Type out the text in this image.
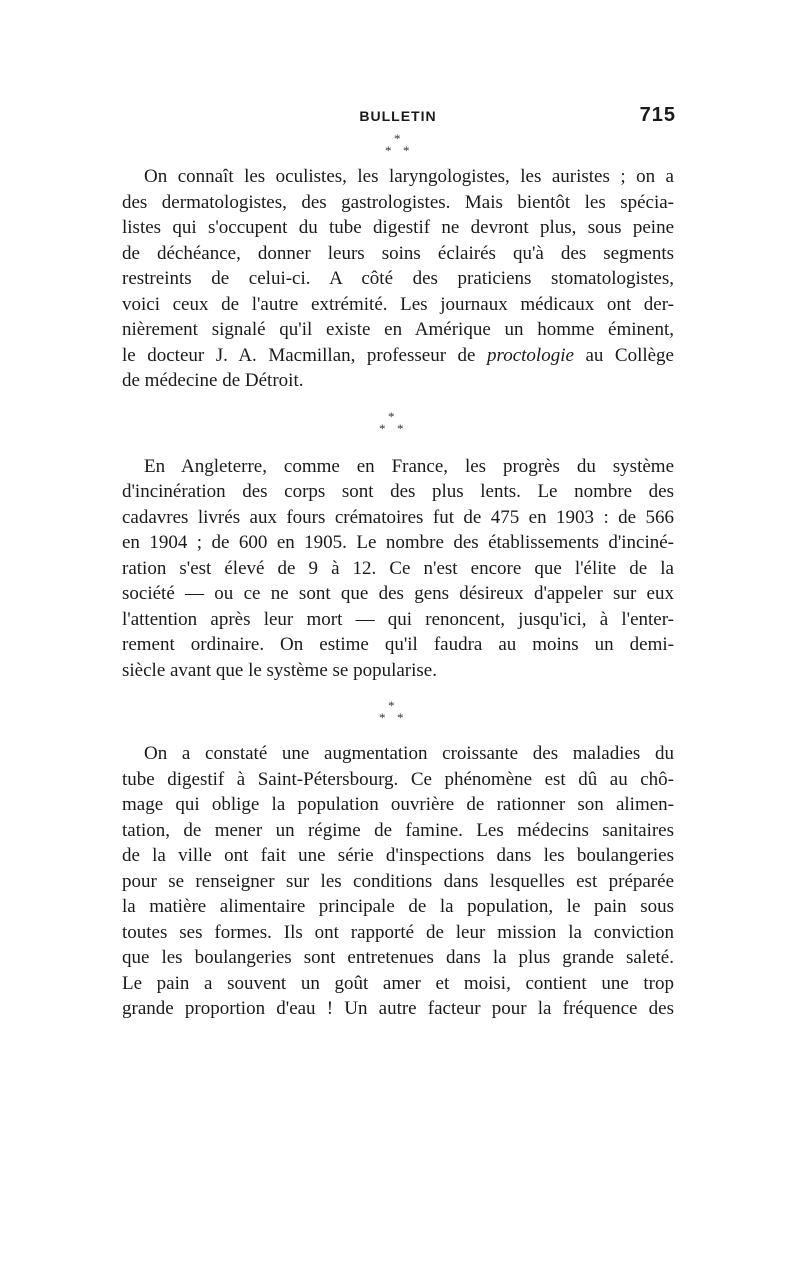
BULLETIN	715
*
* *
On connaît les oculistes, les laryngologistes, les auristes ; on a
des dermatologistes, des gastrologistes. Mais bientôt les spécia-
listes qui s'occupent du tube digestif ne devront plus, sous peine
de déchéance, donner leurs soins éclairés qu'à des segments
restreints de celui-ci. A côté des praticiens stomatologistes,
voici ceux de l'autre extrémité. Les journaux médicaux ont der-
nièrement signalé qu'il existe en Amérique un homme éminent,
le docteur J. A. Macmillan, professeur de proctologie au Collège
de médecine de Détroit.
*
* *
En Angleterre, comme en France, les progrès du système
d'incinération des corps sont des plus lents. Le nombre des
cadavres livrés aux fours crématoires fut de 475 en 1903 : de 566
en 1904 ; de 600 en 1905. Le nombre des établissements d'inciné-
ration s'est élevé de 9 à 12. Ce n'est encore que l'élite de la
société — ou ce ne sont que des gens désireux d'appeler sur eux
l'attention après leur mort — qui renoncent, jusqu'ici, à l'enter-
rement ordinaire. On estime qu'il faudra au moins un demi-
siècle avant que le système se popularise.
*
* *
On a constaté une augmentation croissante des maladies du
tube digestif à Saint-Pétersbourg. Ce phénomène est dû au chô-
mage qui oblige la population ouvrière de rationner son alimen-
tation, de mener un régime de famine. Les médecins sanitaires
de la ville ont fait une série d'inspections dans les boulangeries
pour se renseigner sur les conditions dans lesquelles est préparée
la matière alimentaire principale de la population, le pain sous
toutes ses formes. Ils ont rapporté de leur mission la conviction
que les boulangeries sont entretenues dans la plus grande saleté.
Le pain a souvent un goût amer et moisi, contient une trop
grande proportion d'eau ! Un autre facteur pour la fréquence des
